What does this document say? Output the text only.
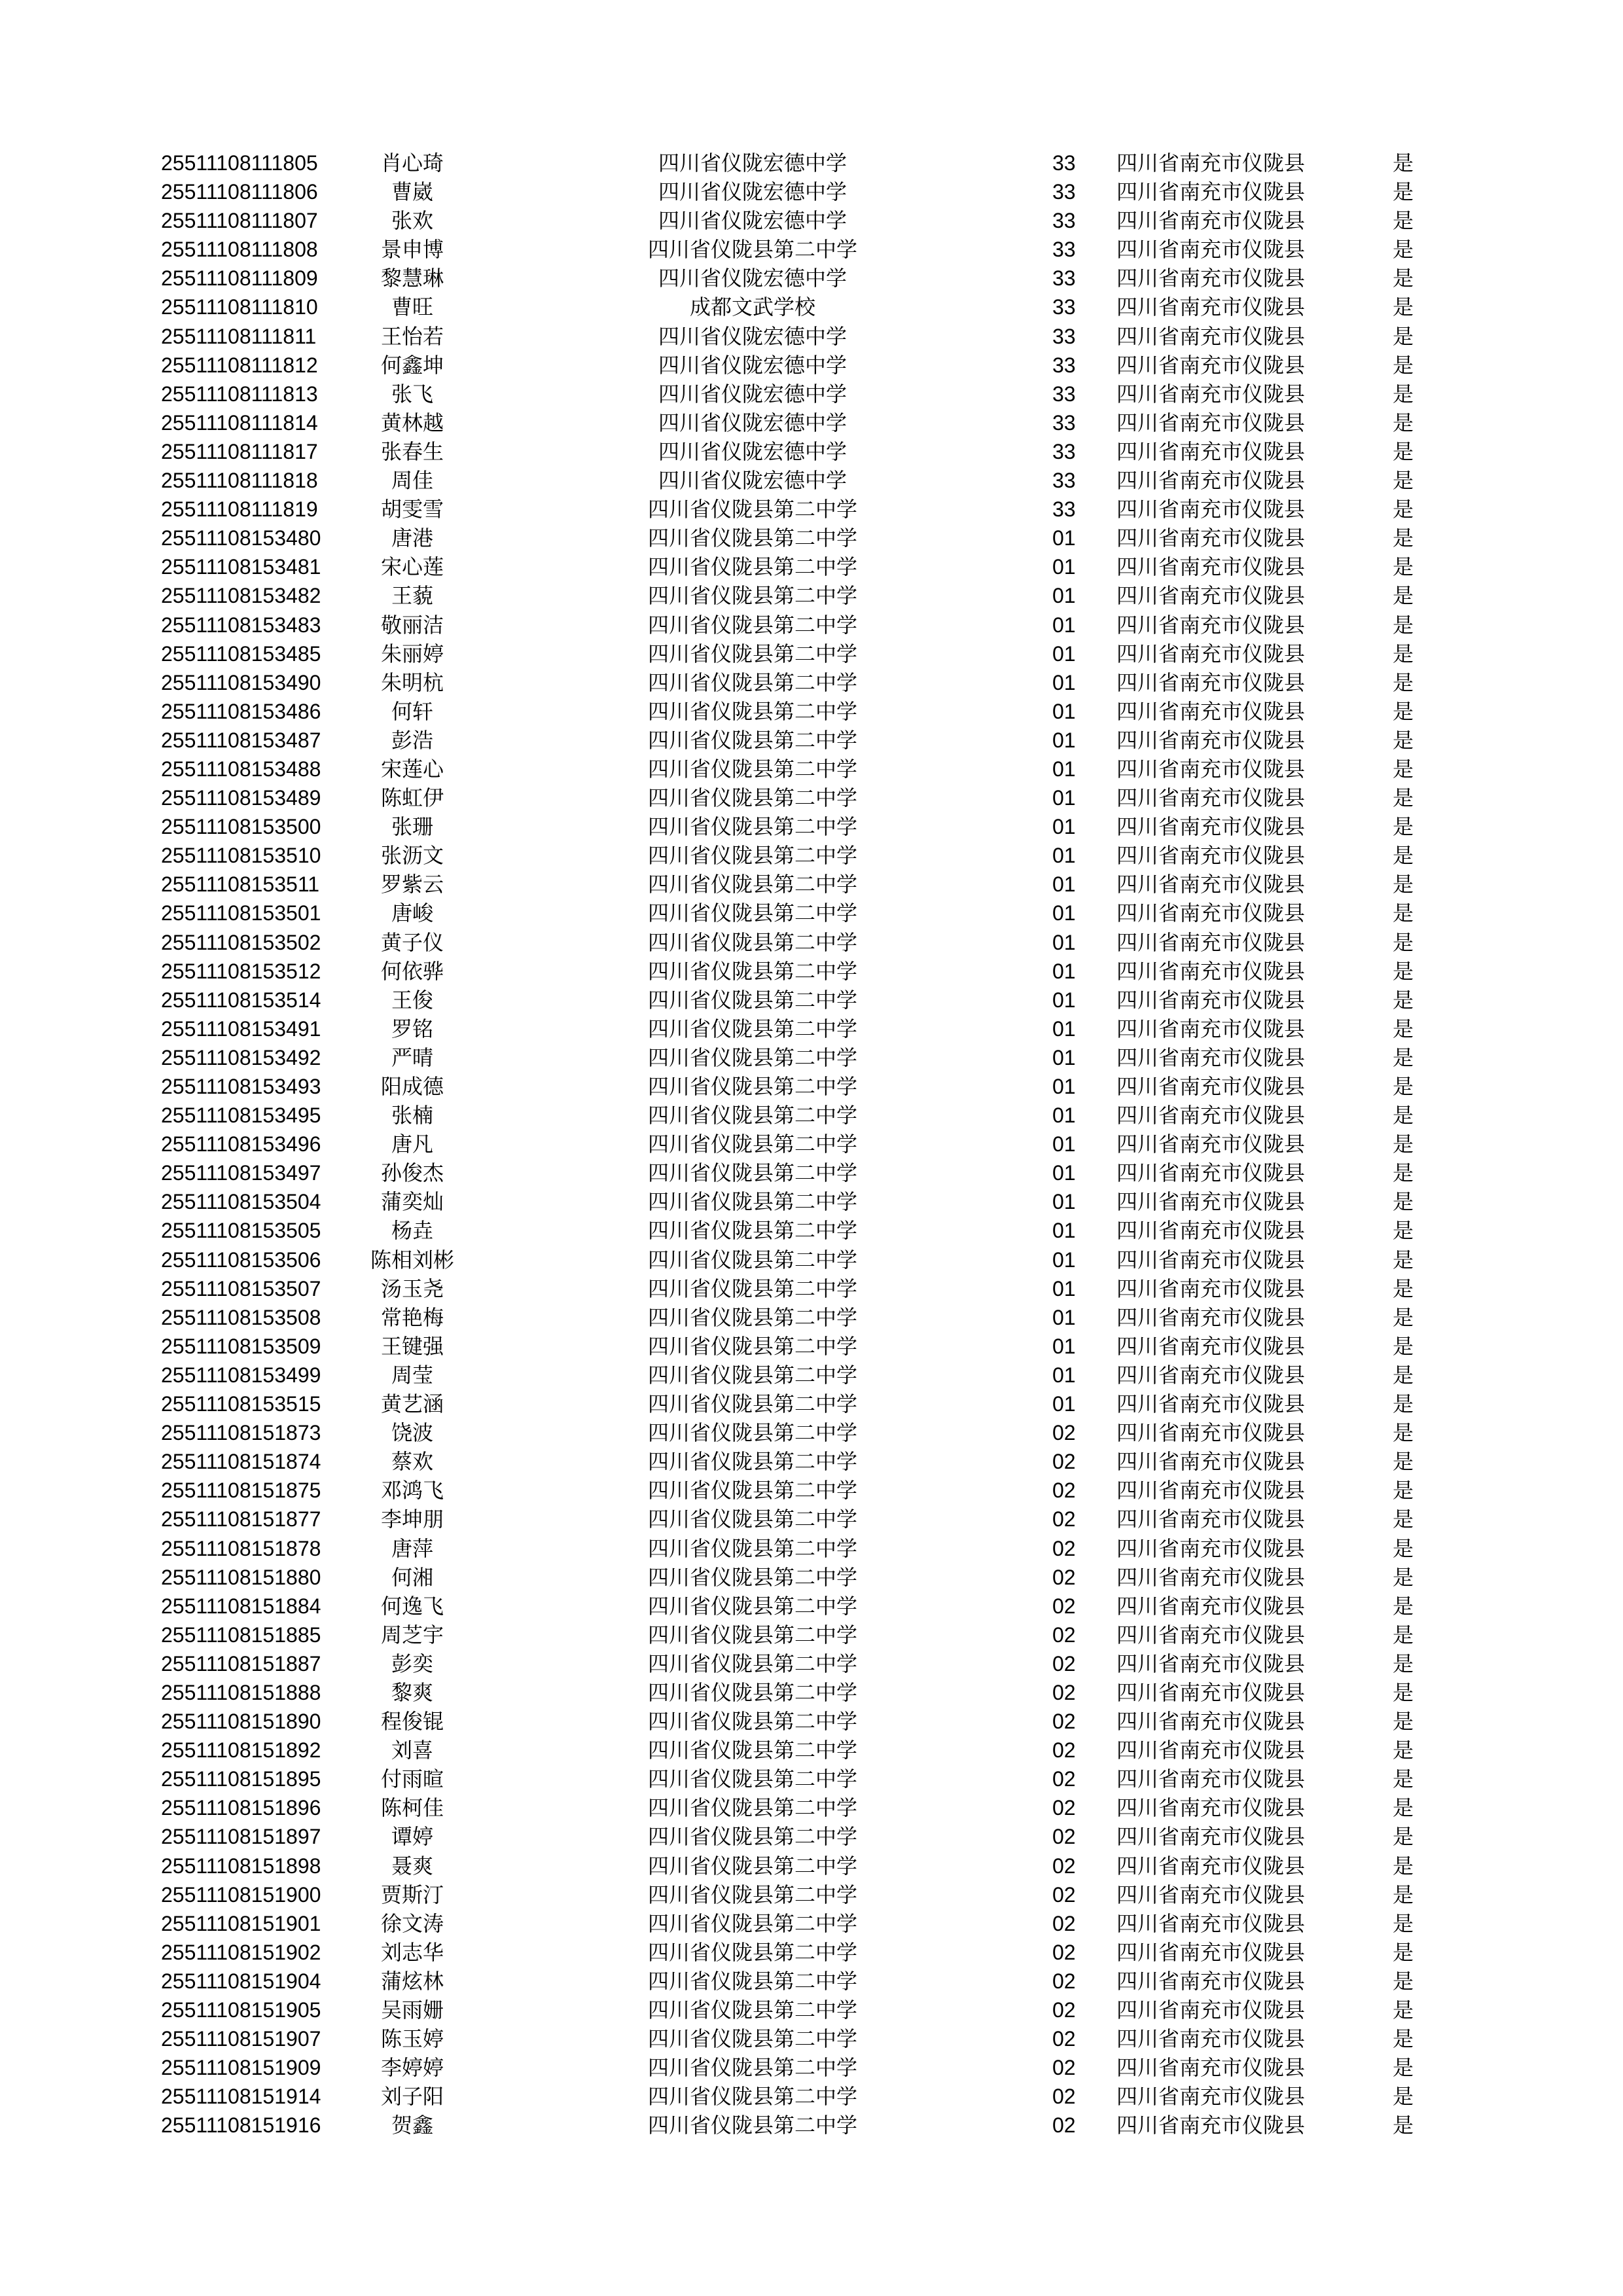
25511108111805	肖心琦	四川省仪陇宏德中学	33 四川省南充市仪陇县	是
25511108111806	曹崴	四川省仪陇宏德中学	33 四川省南充市仪陇县	是
25511108111807	张欢	四川省仪陇宏德中学	33 四川省南充市仪陇县	是
25511108111808	景申博	四川省仪陇县第二中学	33 四川省南充市仪陇县	是
25511108111809	黎慧琳	四川省仪陇宏德中学	33 四川省南充市仪陇县	是
25511108111810	曹旺	成都文武学校	33 四川省南充市仪陇县	是
25511108111811	王怡若	四川省仪陇宏德中学	33 四川省南充市仪陇县	是
25511108111812	何鑫坤	四川省仪陇宏德中学	33 四川省南充市仪陇县	是
25511108111813	张飞	四川省仪陇宏德中学	33 四川省南充市仪陇县	是
25511108111814	黄林越	四川省仪陇宏德中学	33 四川省南充市仪陇县	是
25511108111817	张春生	四川省仪陇宏德中学	33 四川省南充市仪陇县	是
25511108111818	周佳	四川省仪陇宏德中学	33 四川省南充市仪陇县	是
25511108111819	胡雯雪	四川省仪陇县第二中学	33 四川省南充市仪陇县	是
25511108153480	唐港	四川省仪陇县第二中学	01 四川省南充市仪陇县	是
25511108153481	宋心莲	四川省仪陇县第二中学	01 四川省南充市仪陇县	是
25511108153482	王藐	四川省仪陇县第二中学	01 四川省南充市仪陇县	是
25511108153483	敬丽洁	四川省仪陇县第二中学	01 四川省南充市仪陇县	是
25511108153485	朱丽婷	四川省仪陇县第二中学	01 四川省南充市仪陇县	是
25511108153490	朱明杭	四川省仪陇县第二中学	01 四川省南充市仪陇县	是
25511108153486	何轩	四川省仪陇县第二中学	01 四川省南充市仪陇县	是
25511108153487	彭浩	四川省仪陇县第二中学	01 四川省南充市仪陇县	是
25511108153488	宋莲心	四川省仪陇县第二中学	01 四川省南充市仪陇县	是
25511108153489	陈虹伊	四川省仪陇县第二中学	01 四川省南充市仪陇县	是
25511108153500	张珊	四川省仪陇县第二中学	01 四川省南充市仪陇县	是
25511108153510	张沥文	四川省仪陇县第二中学	01 四川省南充市仪陇县	是
25511108153511	罗紫云	四川省仪陇县第二中学	01 四川省南充市仪陇县	是
25511108153501	唐峻	四川省仪陇县第二中学	01 四川省南充市仪陇县	是
25511108153502	黄子仪	四川省仪陇县第二中学	01 四川省南充市仪陇县	是
25511108153512	何依骅	四川省仪陇县第二中学	01 四川省南充市仪陇县	是
25511108153514	王俊	四川省仪陇县第二中学	01 四川省南充市仪陇县	是
25511108153491	罗铭	四川省仪陇县第二中学	01 四川省南充市仪陇县	是
25511108153492	严晴	四川省仪陇县第二中学	01 四川省南充市仪陇县	是
25511108153493	阳成德	四川省仪陇县第二中学	01 四川省南充市仪陇县	是
25511108153495	张楠	四川省仪陇县第二中学	01 四川省南充市仪陇县	是
25511108153496	唐凡	四川省仪陇县第二中学	01 四川省南充市仪陇县	是
25511108153497	孙俊杰	四川省仪陇县第二中学	01 四川省南充市仪陇县	是
25511108153504	蒲奕灿	四川省仪陇县第二中学	01 四川省南充市仪陇县	是
25511108153505	杨垚	四川省仪陇县第二中学	01 四川省南充市仪陇县	是
25511108153506 陈相刘彬	四川省仪陇县第二中学	01 四川省南充市仪陇县	是
25511108153507	汤玉尧	四川省仪陇县第二中学	01 四川省南充市仪陇县	是
25511108153508	常艳梅	四川省仪陇县第二中学	01 四川省南充市仪陇县	是
25511108153509	王键强	四川省仪陇县第二中学	01 四川省南充市仪陇县	是
25511108153499	周莹	四川省仪陇县第二中学	01 四川省南充市仪陇县	是
25511108153515	黄艺涵	四川省仪陇县第二中学	01 四川省南充市仪陇县	是
25511108151873	饶波	四川省仪陇县第二中学	02 四川省南充市仪陇县	是
25511108151874	蔡欢	四川省仪陇县第二中学	02 四川省南充市仪陇县	是
25511108151875	邓鸿飞	四川省仪陇县第二中学	02 四川省南充市仪陇县	是
25511108151877	李坤朋	四川省仪陇县第二中学	02 四川省南充市仪陇县	是
25511108151878	唐萍	四川省仪陇县第二中学	02 四川省南充市仪陇县	是
25511108151880	何湘	四川省仪陇县第二中学	02 四川省南充市仪陇县	是
25511108151884	何逸飞	四川省仪陇县第二中学	02 四川省南充市仪陇县	是
25511108151885	周芝宇	四川省仪陇县第二中学	02 四川省南充市仪陇县	是
25511108151887	彭奕	四川省仪陇县第二中学	02 四川省南充市仪陇县	是
25511108151888	黎爽	四川省仪陇县第二中学	02 四川省南充市仪陇县	是
25511108151890	程俊锟	四川省仪陇县第二中学	02 四川省南充市仪陇县	是
25511108151892	刘喜	四川省仪陇县第二中学	02 四川省南充市仪陇县	是
25511108151895	付雨暄	四川省仪陇县第二中学	02 四川省南充市仪陇县	是
25511108151896	陈柯佳	四川省仪陇县第二中学	02 四川省南充市仪陇县	是
25511108151897	谭婷	四川省仪陇县第二中学	02 四川省南充市仪陇县	是
25511108151898	聂爽	四川省仪陇县第二中学	02 四川省南充市仪陇县	是
25511108151900	贾斯汀	四川省仪陇县第二中学	02 四川省南充市仪陇县	是
25511108151901	徐文涛	四川省仪陇县第二中学	02 四川省南充市仪陇县	是
25511108151902	刘志华	四川省仪陇县第二中学	02 四川省南充市仪陇县	是
25511108151904	蒲炫林	四川省仪陇县第二中学	02 四川省南充市仪陇县	是
25511108151905	吴雨姗	四川省仪陇县第二中学	02 四川省南充市仪陇县	是
25511108151907	陈玉婷	四川省仪陇县第二中学	02 四川省南充市仪陇县	是
25511108151909	李婷婷	四川省仪陇县第二中学	02 四川省南充市仪陇县	是
25511108151914	刘子阳	四川省仪陇县第二中学	02 四川省南充市仪陇县	是
25511108151916	贺鑫	四川省仪陇县第二中学	02 四川省南充市仪陇县	是
